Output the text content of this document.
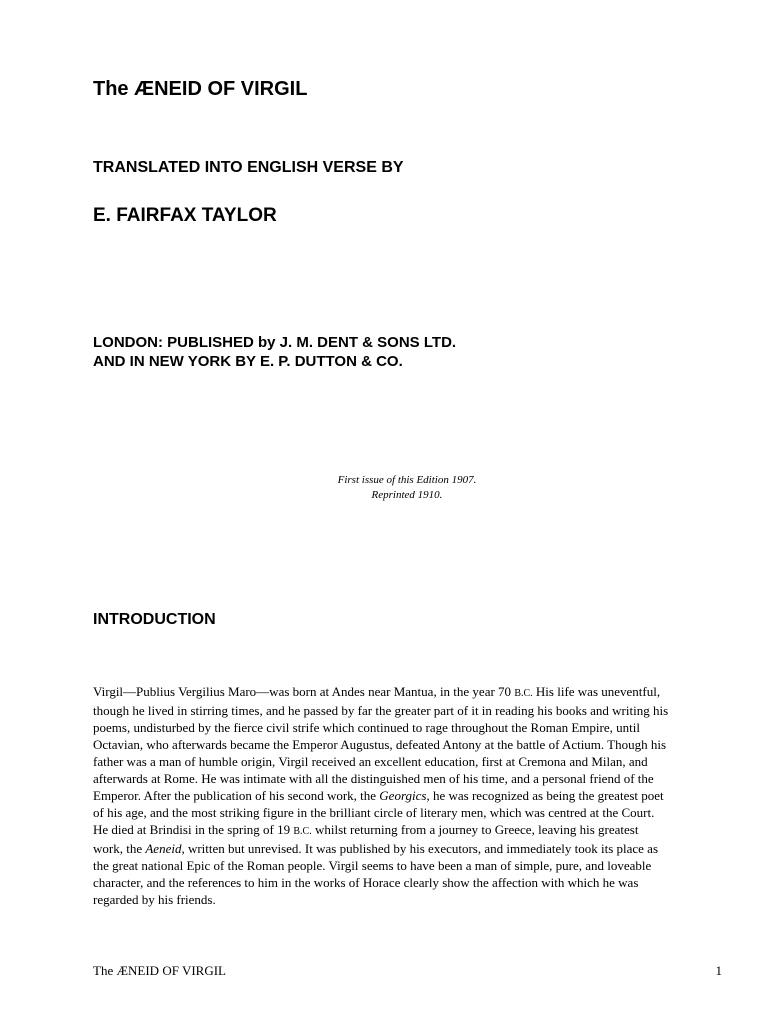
The ÆNEID OF VIRGIL
TRANSLATED INTO ENGLISH VERSE BY
E. FAIRFAX TAYLOR
LONDON: PUBLISHED by J. M. DENT & SONS LTD.
AND IN NEW YORK BY E. P. DUTTON & CO.
First issue of this Edition 1907.
Reprinted 1910.
INTRODUCTION
Virgil—Publius Vergilius Maro—was born at Andes near Mantua, in the year 70 B.C. His life was uneventful,
though he lived in stirring times, and he passed by far the greater part of it in reading his books and writing his
poems, undisturbed by the fierce civil strife which continued to rage throughout the Roman Empire, until
Octavian, who afterwards became the Emperor Augustus, defeated Antony at the battle of Actium. Though his
father was a man of humble origin, Virgil received an excellent education, first at Cremona and Milan, and
afterwards at Rome. He was intimate with all the distinguished men of his time, and a personal friend of the
Emperor. After the publication of his second work, the Georgics, he was recognized as being the greatest poet
of his age, and the most striking figure in the brilliant circle of literary men, which was centred at the Court.
He died at Brindisi in the spring of 19 B.C. whilst returning from a journey to Greece, leaving his greatest
work, the Aeneid, written but unrevised. It was published by his executors, and immediately took its place as
the great national Epic of the Roman people. Virgil seems to have been a man of simple, pure, and loveable
character, and the references to him in the works of Horace clearly show the affection with which he was
regarded by his friends.
The ÆNEID OF VIRGIL	1
